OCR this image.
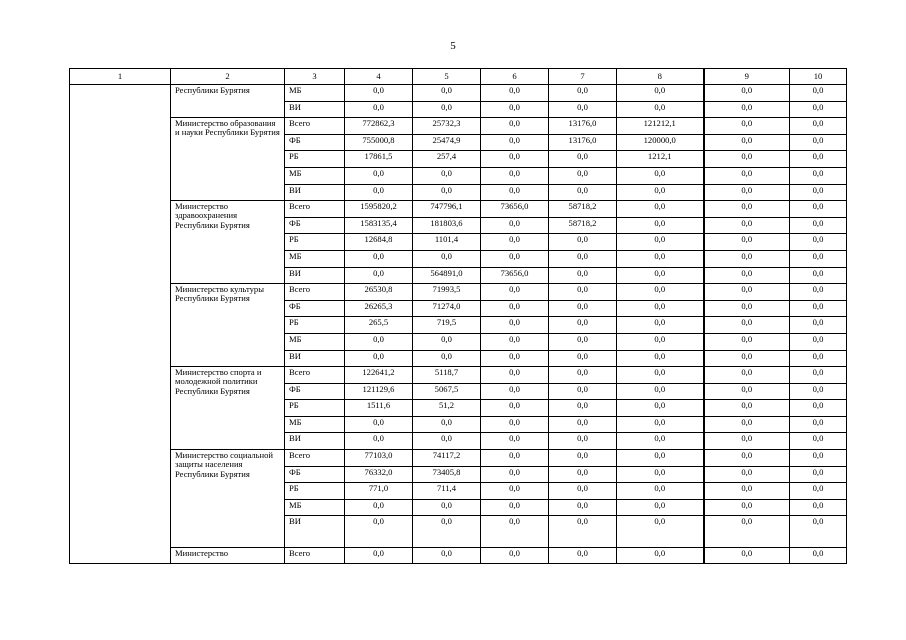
5
1	2	3	4	5	6	7	8	9	10
	Республики Бурятия	МБ	0,0	0,0	0,0	0,0	0,0	0,0	0,0
		ВИ	0,0	0,0	0,0	0,0	0,0	0,0	0,0
	Министерство образования и науки Республики Бурятия	Всего	772862,3	25732,3	0,0	13176,0	121212,1	0,0	0,0
		ФБ	755000,8	25474,9	0,0	13176,0	120000,0	0,0	0,0
		РБ	17861,5	257,4	0,0	0,0	1212,1	0,0	0,0
		МБ	0,0	0,0	0,0	0,0	0,0	0,0	0,0
		ВИ	0,0	0,0	0,0	0,0	0,0	0,0	0,0
	Министерство здравоохранения Республики Бурятия	Всего	1595820,2	747796,1	73656,0	58718,2	0,0	0,0	0,0
		ФБ	1583135,4	181803,6	0,0	58718,2	0,0	0,0	0,0
		РБ	12684,8	1101,4	0,0	0,0	0,0	0,0	0,0
		МБ	0,0	0,0	0,0	0,0	0,0	0,0	0,0
		ВИ	0,0	564891,0	73656,0	0,0	0,0	0,0	0,0
	Министерство культуры Республики Бурятия	Всего	26530,8	71993,5	0,0	0,0	0,0	0,0	0,0
		ФБ	26265,3	71274,0	0,0	0,0	0,0	0,0	0,0
		РБ	265,5	719,5	0,0	0,0	0,0	0,0	0,0
		МБ	0,0	0,0	0,0	0,0	0,0	0,0	0,0
		ВИ	0,0	0,0	0,0	0,0	0,0	0,0	0,0
	Министерство спорта и молодежной политики Республики Бурятия	Всего	122641,2	5118,7	0,0	0,0	0,0	0,0	0,0
		ФБ	121129,6	5067,5	0,0	0,0	0,0	0,0	0,0
		РБ	1511,6	51,2	0,0	0,0	0,0	0,0	0,0
		МБ	0,0	0,0	0,0	0,0	0,0	0,0	0,0
		ВИ	0,0	0,0	0,0	0,0	0,0	0,0	0,0
	Министерство социальной защиты населения Республики Бурятия	Всего	77103,0	74117,2	0,0	0,0	0,0	0,0	0,0
		ФБ	76332,0	73405,8	0,0	0,0	0,0	0,0	0,0
		РБ	771,0	711,4	0,0	0,0	0,0	0,0	0,0
		МБ	0,0	0,0	0,0	0,0	0,0	0,0	0,0
		ВИ	0,0	0,0	0,0	0,0	0,0	0,0	0,0
	Министерство	Всего	0,0	0,0	0,0	0,0	0,0	0,0	0,0
